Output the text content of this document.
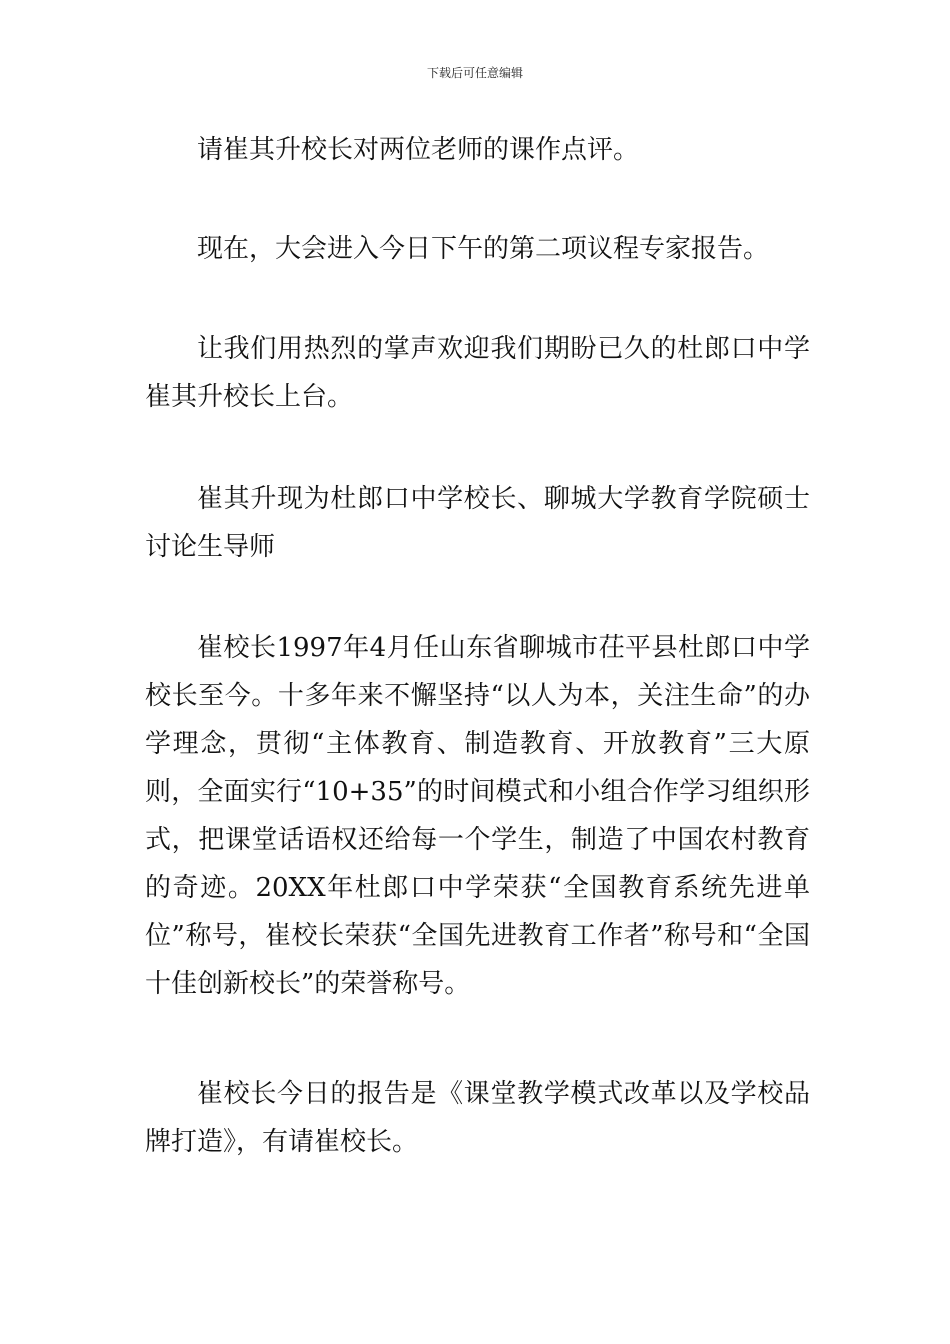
下载后可任意编辑

请崔其升校长对两位老师的课作点评。

现在，大会进入今日下午的第二项议程专家报告。

让我们用热烈的掌声欢迎我们期盼已久的杜郎口中学崔其升校长上台。

崔其升现为杜郎口中学校长、聊城大学教育学院硕士讨论生导师

崔校长1997年4月任山东省聊城市茌平县杜郎口中学校长至今。十多年来不懈坚持“以人为本，关注生命”的办学理念，贯彻“主体教育、制造教育、开放教育”三大原则，全面实行“10+35”的时间模式和小组合作学习组织形式，把课堂话语权还给每一个学生，制造了中国农村教育的奇迹。20XX年杜郎口中学荣获“全国教育系统先进单位”称号，崔校长荣获“全国先进教育工作者”称号和“全国十佳创新校长”的荣誉称号。

崔校长今日的报告是《课堂教学模式改革以及学校品牌打造》，有请崔校长。
